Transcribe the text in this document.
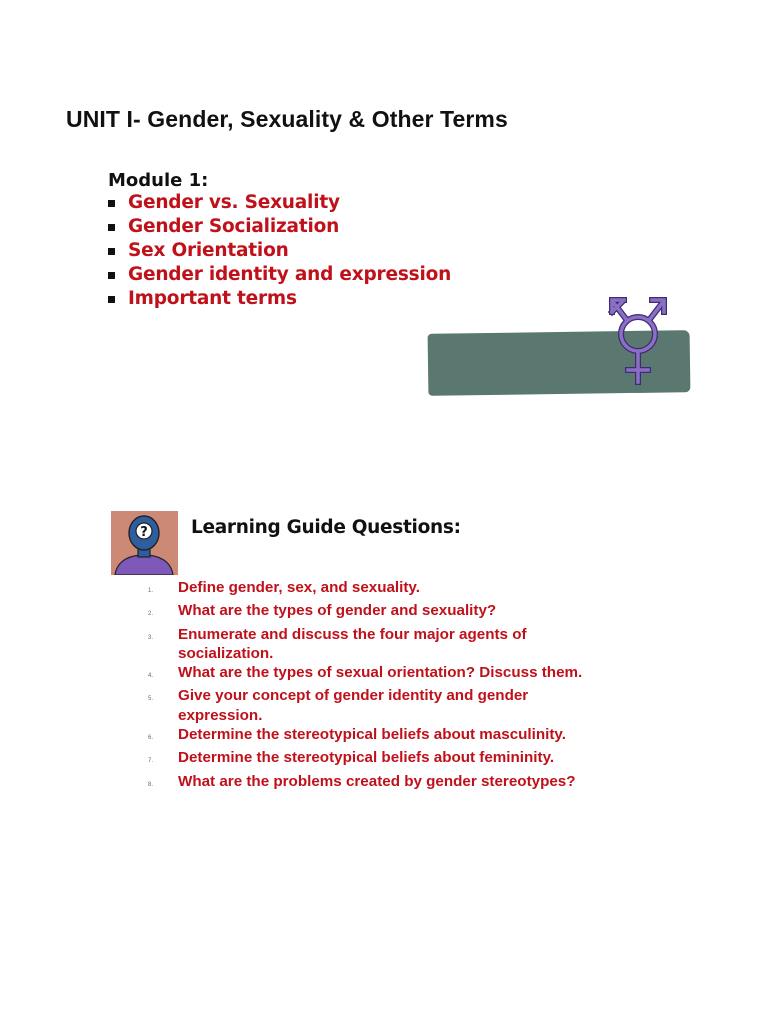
UNIT I- Gender, Sexuality & Other Terms
Module 1:
Gender vs. Sexuality
Gender Socialization
Sex Orientation
Gender identity and expression
Important terms
? Learning Guide Questions:
1.	Define gender, sex, and sexuality.
2.	What are the types of gender and sexuality?
3.	Enumerate and discuss the four major agents of socialization.
4.	What are the types of sexual orientation? Discuss them.
5.	Give your concept of gender identity and gender expression.
6.	Determine the stereotypical beliefs about masculinity.
7.	Determine the stereotypical beliefs about femininity.
8.	What are the problems created by gender stereotypes?
